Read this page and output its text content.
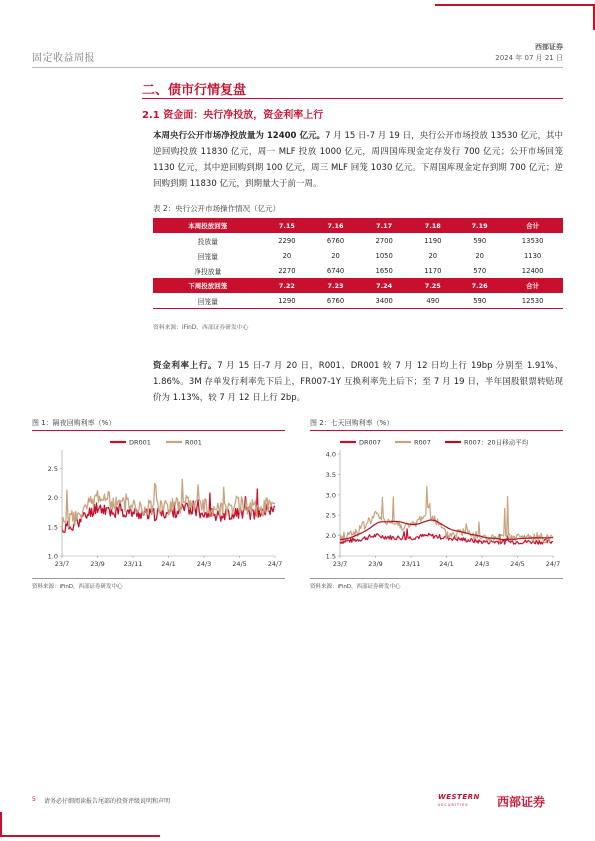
固定收益周报
西部证券
2024 年 07 月 21 日
二、债市行情复盘
2.1 资金面：央行净投放，资金利率上行
本周央行公开市场净投放量为 12400 亿元。7 月 15 日-7 月 19 日，央行公开市场投放 13530 亿元，其中逆回购投放 11830 亿元，周一 MLF 投放 1000 亿元，周四国库现金定存发行 700 亿元；公开市场回笼 1130 亿元，其中逆回购到期 100 亿元，周三 MLF 回笼 1030 亿元。下周国库现金定存到期 700 亿元；逆回购到期 11830 亿元，到期量大于前一周。
表 2：央行公开市场操作情况（亿元）
本周投放回笼	7.15	7.16	7.17	7.18	7.19	合计
投放量	2290	6760	2700	1190	590	13530
回笼量	20	20	1050	20	20	1130
净投放量	2270	6740	1650	1170	570	12400
下周投放回笼	7.22	7.23	7.24	7.25	7.26	合计
回笼量	1290	6760	3400	490	590	12530
资料来源：iFinD，西部证券研发中心
资金利率上行。7 月 15 日-7 月 20 日，R001、DR001 较 7 月 12 日均上行 19bp 分别至 1.91%、1.86%。3M 存单发行利率先下后上，FR007-1Y 互换利率先上后下；至 7 月 19 日，半年国股银票转贴现价为 1.13%，较 7 月 12 日上行 2bp。
图 1：隔夜回购利率（%）
DR001	R001
1.0
1.5
2.0
2.5
23/7	23/9	23/11	24/1	24/3	24/5	24/7
资料来源：iFinD，西部证券研发中心
图 2：七天回购利率（%）
DR007	R007	R007：20日移动平均
1.5
2.0
2.5
3.0
3.5
4.0
23/7	23/9	23/11	24/1	24/3	24/5	24/7
资料来源：iFinD，西部证券研发中心
5 请务必仔细阅读报告尾部的投资评级说明和声明
WESTERN
SECURITIES 西部证券
